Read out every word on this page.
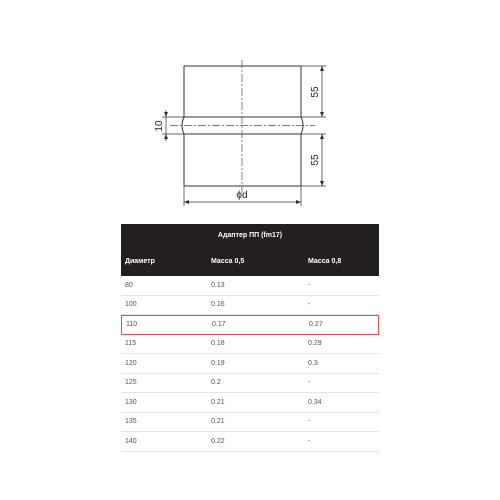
55
55
10
ϕd
Адаптер ПП (fm17)
Диаметр	Масса 0,5	Масса 0,8
80	0.13	-
100	0.16	-
110	0.17	0.27
115	0.18	0.29
120	0.19	0.3
125	0.2	-
130	0.21	0.34
135	0.21	-
140	0.22	-
